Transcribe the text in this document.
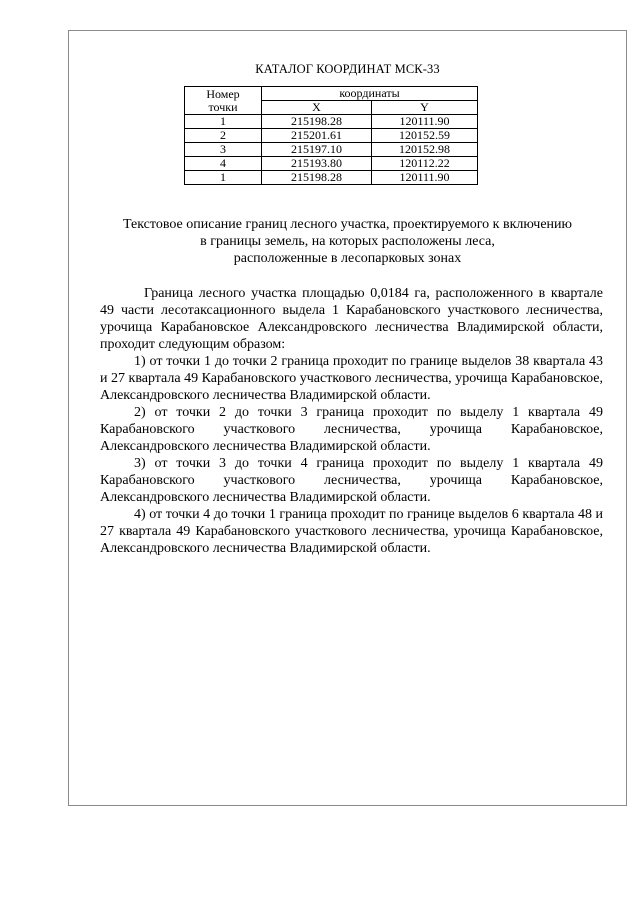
КАТАЛОГ КООРДИНАТ МСК-33
Номер
точки	координаты	
	X	Y
1	215198.28	120111.90
2	215201.61	120152.59
3	215197.10	120152.98
4	215193.80	120112.22
1	215198.28	120111.90
Текстовое описание границ лесного участка, проектируемого к включению
в границы земель, на которых расположены леса,
расположенные в лесопарковых зонах

Граница лесного участка площадью 0,0184 га, расположенного в квартале 49 части лесотаксационного выдела 1 Карабановского участкового лесничества, урочища Карабановское Александровского лесничества Владимирской области, проходит следующим образом:

1) от точки 1 до точки 2 граница проходит по границе выделов 38 квартала 43 и 27 квартала 49 Карабановского участкового лесничества, урочища Карабановское, Александровского лесничества Владимирской области.

2) от точки 2 до точки 3 граница проходит по выделу 1 квартала 49 Карабановского участкового лесничества, урочища Карабановское, Александровского лесничества Владимирской области.

3) от точки 3 до точки 4 граница проходит по выделу 1 квартала 49 Карабановского участкового лесничества, урочища Карабановское, Александровского лесничества Владимирской области.

4) от точки 4 до точки 1 граница проходит по границе выделов 6 квартала 48 и 27 квартала 49 Карабановского участкового лесничества, урочища Карабановское, Александровского лесничества Владимирской области.
